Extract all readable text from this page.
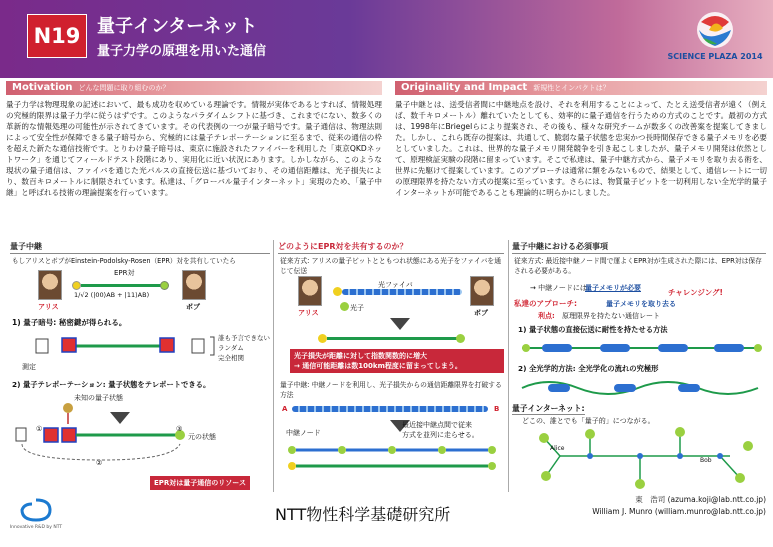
N19 量子インターネット
量子力学の原理を用いた通信	SCIENCE PLAZA 2014
Motivation どんな問題に取り組むのか？	Originality and Impact 新規性とインパクトは？
量子力学は物理現象の記述において、最も成功を収めている理論です。情報が実体であるとすれば、情報処理の究極的限界は量子力学に従うはずです。このようなパラダイムシフトに基づき、これまでにない、数多くの革新的な情報処理の可能性が示されてきています。その代表例の一つが量子暗号です。量子通信は、物理法則によって安全性が保障できる量子暗号から、究極的には量子テレポーテーションに至るまで、従来の通信の枠を超えた新たな通信技術です。とりわけ量子暗号は、東京に施設されたファイバーを利用した「東京QKDネットワーク」を通じてフィールドテスト段階にあり、実用化に近い状況にあります。しかしながら、このような現状の量子通信は、ファイバを通じた光パルスの直接伝送に基づいており、その通信距離は、光子損失により、数百キロメートルに制限されています。私達は、「グローバル量子インターネット」実現のため、「量子中継」と呼ばれる技術の理論提案を行っています。
量子中継とは、送受信者間に中継地点を設け、それを利用することによって、たとえ送受信者が遠く（例えば、数千キロメートル）離れていたとしても、効率的に量子通信を行うための方式のことです。最初の方式は、1998年にBriegelらにより提案され、その後も、様々な研究チームが数多くの改善案を提案してきました。しかし、これら既存の提案は、共通して、脆弱な量子状態を忠実かつ長時間保存できる量子メモリを必要としていました。これは、世界的な量子メモリ開発競争を引き起こしましたが、量子メモリ開発は依然として、原理検証実験の段階に留まっています。そこで私達は、量子中継方式から、量子メモリを取り去る術を、世界に先駆けて提案しています。このアプローチは通常に類をみないもので、結果として、通信レートに一切の原理限界を持たない方式の提案に至っています。さらには、物質量子ビットを一切利用しない全光学的量子インターネットが可能であることも理論的に明らかにしました。
量子中継
もしアリスとボブがEinstein-Podolsky-Rosen（EPR）対を共有していたら
EPR対
1/√2 (|00⟩AB + |11⟩AB)
アリス	ボブ
1) 量子暗号: 秘密鍵が得られる。
測定
誰も予言できない
ランダム
完全相関
2) 量子テレポーテーション: 量子状態をテレポートできる。
未知の量子状態
元の状態
①
②
③
EPR対は量子通信のリソース
どのようにEPR対を共有するのか？
従来方式: アリスの量子ビットとともつれ状態にある光子をファイバを通じて伝送
アリス	ボブ
光ファイバ
光子
光子損失が距離に対して指数関数的に増大
→ 通信可能距離は数100km程度に留まってしまう。
量子中継: 中継ノードを利用し、光子損失からの通信距離限界を打破する方法
A	B
中継ノード
最近接中継点間で従来
方式を並列に走らせる。
量子中継における必須事項
従来方式: 最近接中継ノード間で運よくEPR対が生成された際には、EPR対は保存される必要がある。
→ 中継ノードには
量子メモリが必要	チャレンジング!
私達のアプローチ:	量子メモリを取り去る
利点: 原理限界を持たない通信レート
1) 量子状態の直接伝送に耐性を持たせる方法
2) 全光学的方法: 全光学化の流れの究極形
量子インターネット:
どこの、誰とでも「量子的」につながる。
Alice
Bob
Innovative R&D by NTT
NTT物性科学基礎研究所
東　浩司 (azuma.koji@lab.ntt.co.jp)
William J. Munro (william.munro@lab.ntt.co.jp)
